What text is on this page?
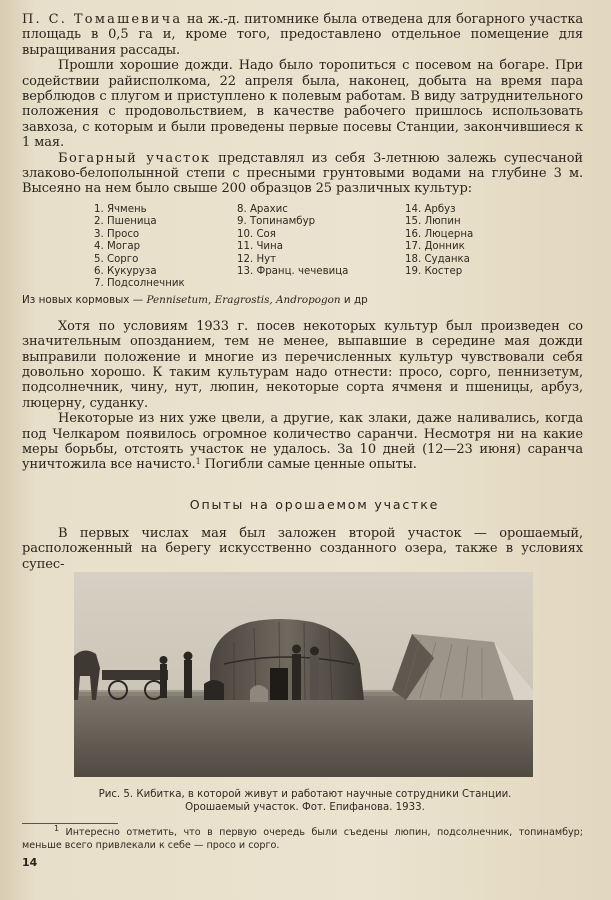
П. С. Томашевича на ж.-д. питомнике была отведена для богарного участка площадь в 0,5 га и, кроме того, предоставлено отдельное помещение для выращивания рассады.

Прошли хорошие дожди. Надо было торопиться с посевом на богаре. При содействии райисполкома, 22 апреля была, наконец, добыта на время пара верблюдов с плугом и приступлено к полевым работам. В виду затруднительного положения с продовольствием, в качестве рабочего пришлось использовать завхоза, с которым и были проведены первые посевы Станции, закончившиеся к 1 мая.

Богарный участок представлял из себя 3-летнюю залежь супесчаной злаково-белополынной степи с пресными грунтовыми водами на глубине 3 м. Высеяно на нем было свыше 200 образцов 25 различных культур:

1. Ячмень
2. Пшеница
3. Просо
4. Могар
5. Сорго
6. Кукуруза
7. Подсолнечник
8. Арахис
9. Топинамбур
10. Соя
11. Чина
12. Нут
13. Франц. чечевица
14. Арбуз
15. Люпин
16. Люцерна
17. Донник
18. Суданка
19. Костер
Из новых кормовых — Pennisetum, Eragrostis, Andropogon и др

Хотя по условиям 1933 г. посев некоторых культур был произведен со значительным опозданием, тем не менее, выпавшие в середине мая дожди выправили положение и многие из перечисленных культур чувствовали себя довольно хорошо. К таким культурам надо отнести: просо, сорго, пеннизетум, подсолнечник, чину, нут, люпин, некоторые сорта ячменя и пшеницы, арбуз, люцерну, суданку.

Некоторые из них уже цвели, а другие, как злаки, даже наливались, когда под Челкаром появилось огромное количество саранчи. Несмотря ни на какие меры борьбы, отстоять участок не удалось. За 10 дней (12—23 июня) саранча уничтожила все начисто.$^1$ Погибли самые ценные опыты.

Опыты на орошаемом участке

В первых числах мая был заложен второй участок — орошаемый, расположенный на берегу искусственно созданного озера, также в условиях супес-

Рис. 5. Кибитка, в которой живут и работают научные сотрудники Станции.
Орошаемый участок. Фот. Епифанова. 1933.
$^1$ Интересно отметить, что в первую очередь были съедены люпин, подсолнечник, топинамбур; меньше всего привлекали к себе — просо и сорго.
14
